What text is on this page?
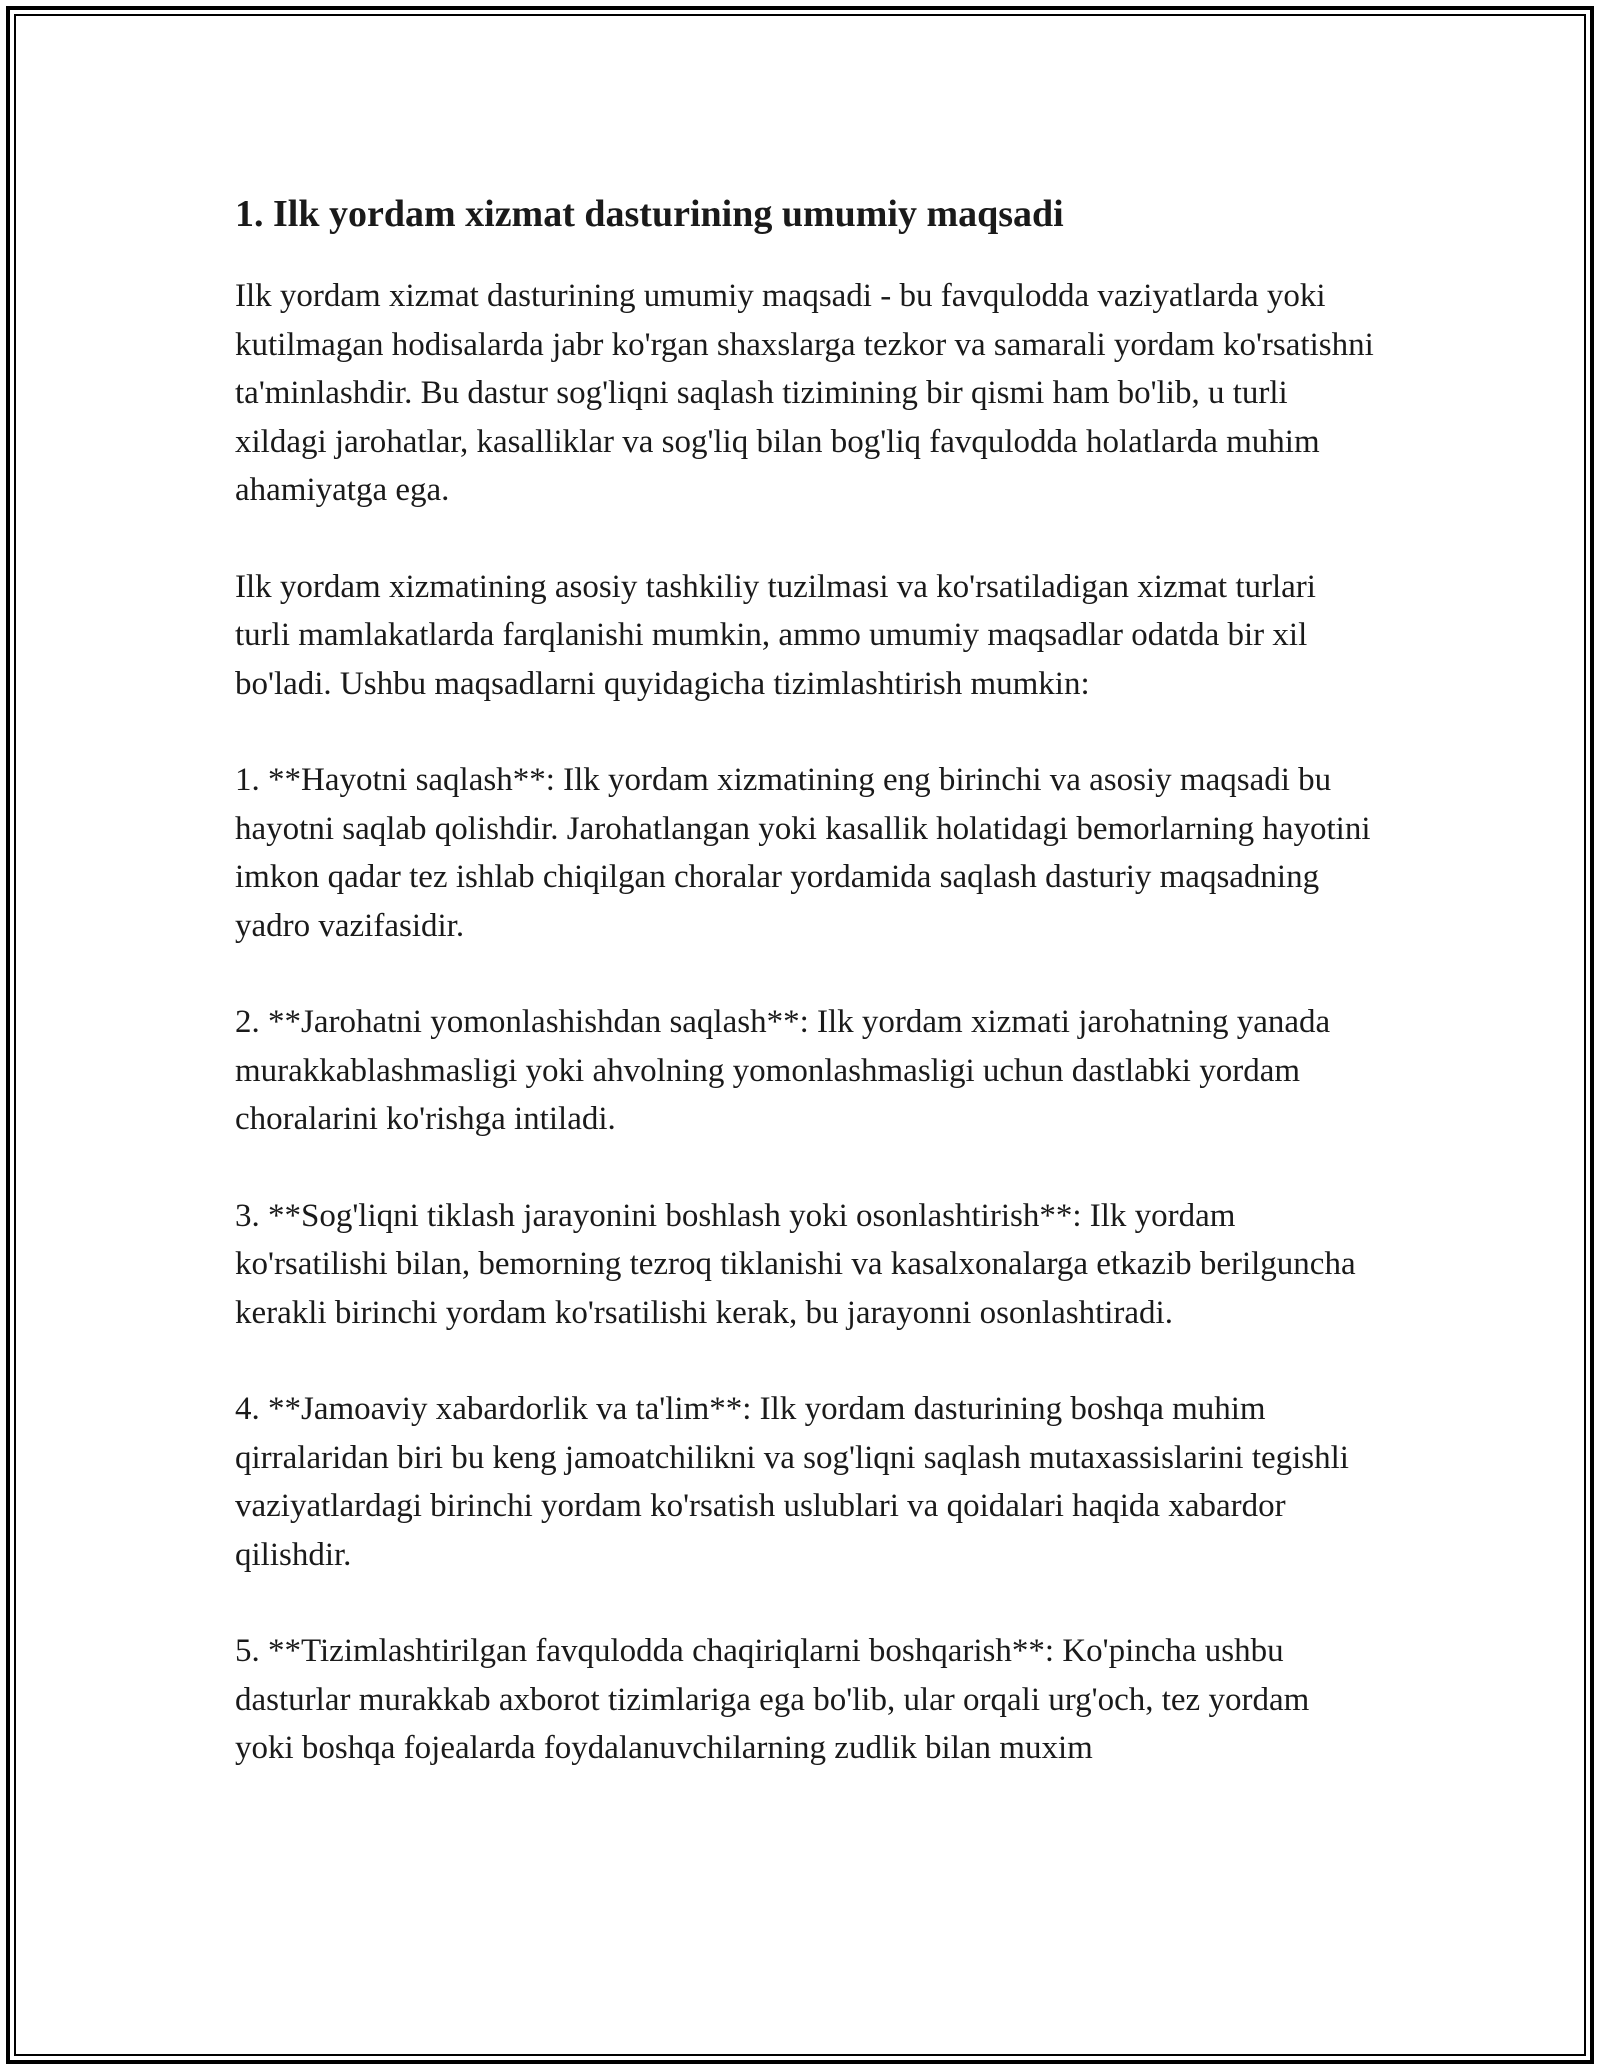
1. Ilk yordam xizmat dasturining umumiy maqsadi

Ilk yordam xizmat dasturining umumiy maqsadi - bu favqulodda vaziyatlarda yoki kutilmagan hodisalarda jabr ko'rgan shaxslarga tezkor va samarali yordam ko'rsatishni ta'minlashdir. Bu dastur sog'liqni saqlash tizimining bir qismi ham bo'lib, u turli xildagi jarohatlar, kasalliklar va sog'liq bilan bog'liq favqulodda holatlarda muhim ahamiyatga ega.

Ilk yordam xizmatining asosiy tashkiliy tuzilmasi va ko'rsatiladigan xizmat turlari turli mamlakatlarda farqlanishi mumkin, ammo umumiy maqsadlar odatda bir xil bo'ladi. Ushbu maqsadlarni quyidagicha tizimlashtirish mumkin:

1. **Hayotni saqlash**: Ilk yordam xizmatining eng birinchi va asosiy maqsadi bu hayotni saqlab qolishdir. Jarohatlangan yoki kasallik holatidagi bemorlarning hayotini imkon qadar tez ishlab chiqilgan choralar yordamida saqlash dasturiy maqsadning yadro vazifasidir.

2. **Jarohatni yomonlashishdan saqlash**: Ilk yordam xizmati jarohatning yanada murakkablashmasligi yoki ahvolning yomonlashmasligi uchun dastlabki yordam choralarini ko'rishga intiladi.

3. **Sog'liqni tiklash jarayonini boshlash yoki osonlashtirish**: Ilk yordam ko'rsatilishi bilan, bemorning tezroq tiklanishi va kasalxonalarga etkazib berilguncha kerakli birinchi yordam ko'rsatilishi kerak, bu jarayonni osonlashtiradi.

4. **Jamoaviy xabardorlik va ta'lim**: Ilk yordam dasturining boshqa muhim qirralaridan biri bu keng jamoatchilikni va sog'liqni saqlash mutaxassislarini tegishli vaziyatlardagi birinchi yordam ko'rsatish uslublari va qoidalari haqida xabardor qilishdir.

5. **Tizimlashtirilgan favqulodda chaqiriqlarni boshqarish**: Ko'pincha ushbu dasturlar murakkab axborot tizimlariga ega bo'lib, ular orqali urg'och, tez yordam yoki boshqa fojealarda foydalanuvchilarning zudlik bilan muxim
